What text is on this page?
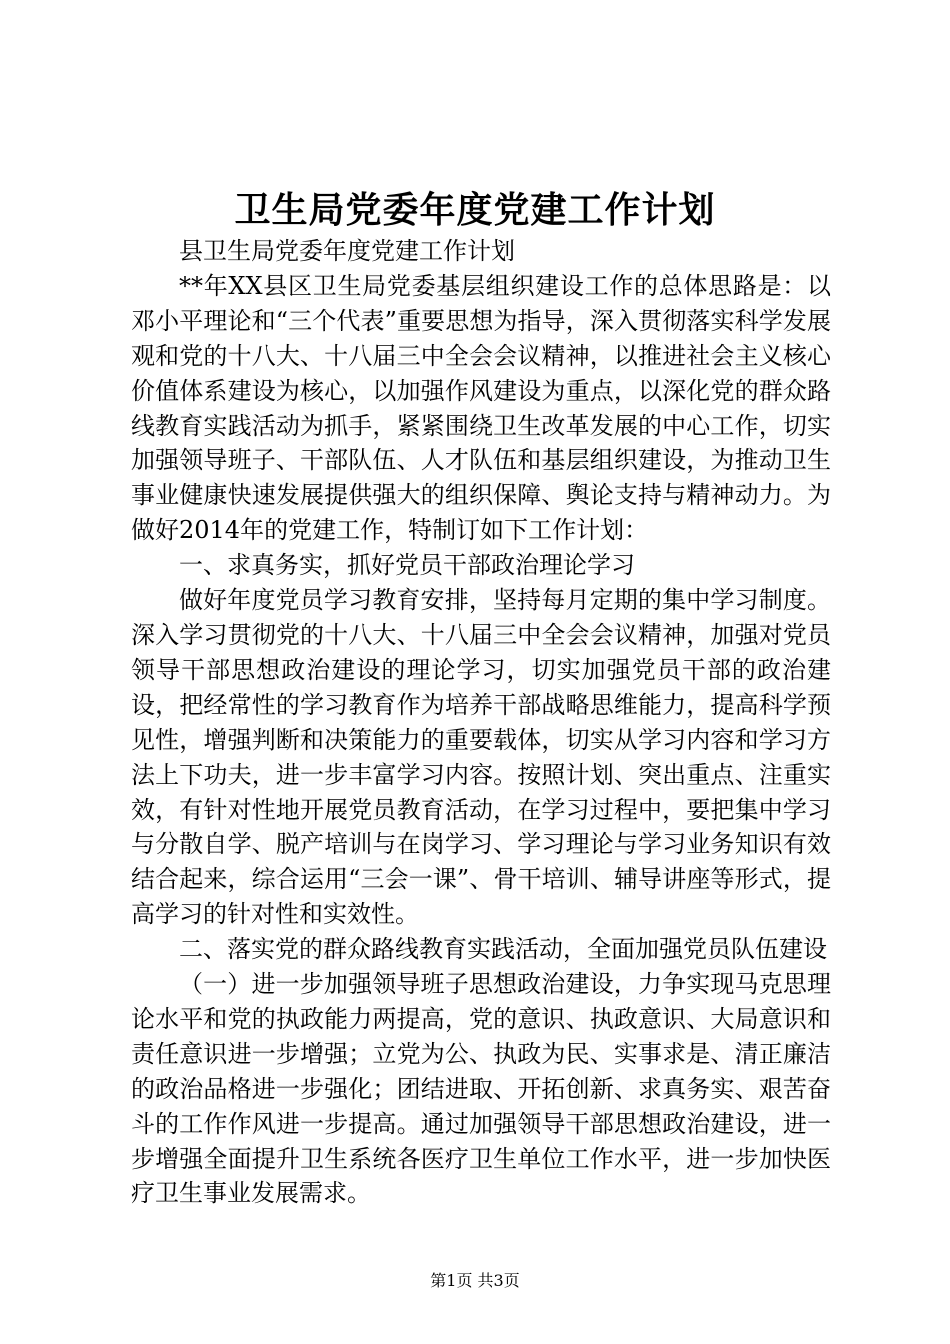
卫生局党委年度党建工作计划

县卫生局党委年度党建工作计划

**年XX县区卫生局党委基层组织建设工作的总体思路是：以邓小平理论和“三个代表”重要思想为指导，深入贯彻落实科学发展观和党的十八大、十八届三中全会会议精神，以推进社会主义核心价值体系建设为核心，以加强作风建设为重点，以深化党的群众路线教育实践活动为抓手，紧紧围绕卫生改革发展的中心工作，切实加强领导班子、干部队伍、人才队伍和基层组织建设，为推动卫生事业健康快速发展提供强大的组织保障、舆论支持与精神动力。为做好2014年的党建工作，特制订如下工作计划：

一、求真务实，抓好党员干部政治理论学习

做好年度党员学习教育安排，坚持每月定期的集中学习制度。深入学习贯彻党的十八大、十八届三中全会会议精神，加强对党员领导干部思想政治建设的理论学习，切实加强党员干部的政治建设，把经常性的学习教育作为培养干部战略思维能力，提高科学预见性，增强判断和决策能力的重要载体，切实从学习内容和学习方法上下功夫，进一步丰富学习内容。按照计划、突出重点、注重实效，有针对性地开展党员教育活动，在学习过程中，要把集中学习与分散自学、脱产培训与在岗学习、学习理论与学习业务知识有效结合起来，综合运用“三会一课”、骨干培训、辅导讲座等形式，提高学习的针对性和实效性。

二、落实党的群众路线教育实践活动，全面加强党员队伍建设

（一）进一步加强领导班子思想政治建设，力争实现马克思理论水平和党的执政能力两提高，党的意识、执政意识、大局意识和责任意识进一步增强；立党为公、执政为民、实事求是、清正廉洁的政治品格进一步强化；团结进取、开拓创新、求真务实、艰苦奋斗的工作作风进一步提高。通过加强领导干部思想政治建设，进一步增强全面提升卫生系统各医疗卫生单位工作水平，进一步加快医疗卫生事业发展需求。

第1页 共3页
